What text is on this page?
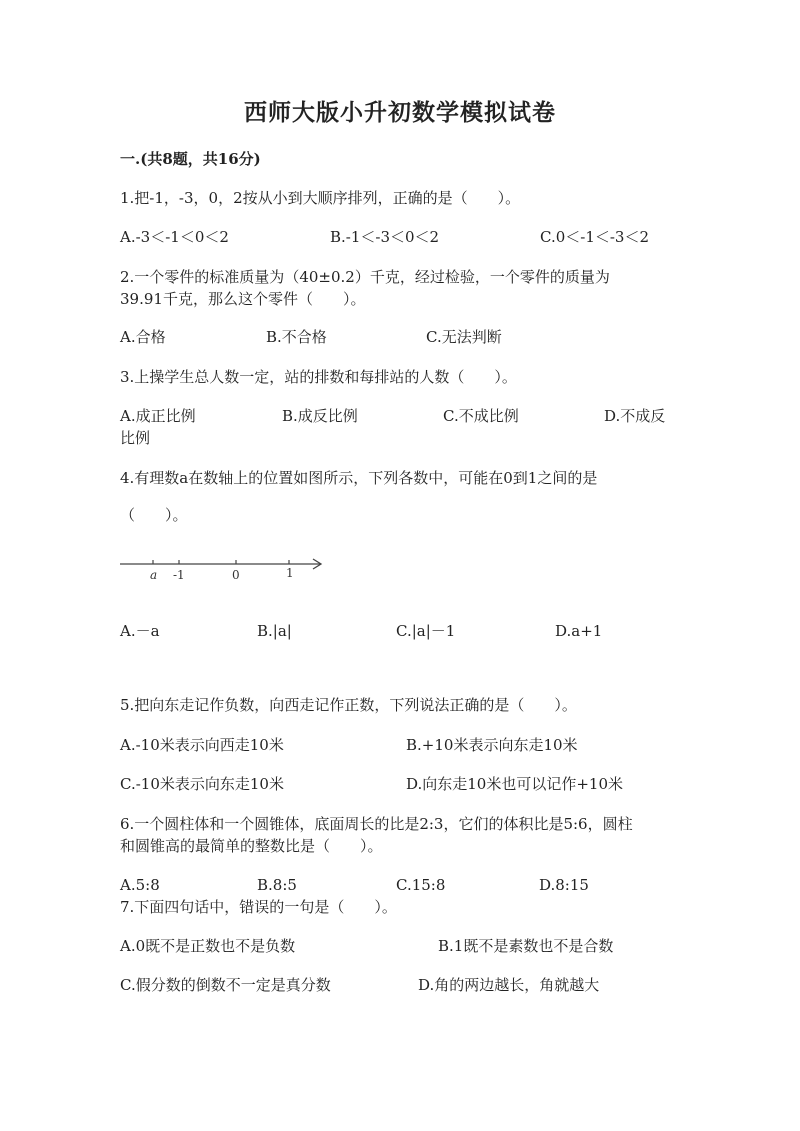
西师大版小升初数学模拟试卷
一.(共8题，共16分)
1.把-1，-3，0，2按从小到大顺序排列，正确的是（　　）。
A.-3＜-1＜0＜2	B.-1＜-3＜0＜2	C.0＜-1＜-3＜2
2.一个零件的标准质量为（40±0.2）千克，经过检验，一个零件的质量为
39.91千克，那么这个零件（　　）。
A.合格	B.不合格	C.无法判断
3.上操学生总人数一定，站的排数和每排站的人数（　　）。
A.成正比例	B.成反比例	C.不成比例	D.不成反
比例
4.有理数a在数轴上的位置如图所示，下列各数中，可能在0到1之间的是
（　　）。
a -1	0	1
A.－a	B.|a|	C.|a|－1	D.a+1
5.把向东走记作负数，向西走记作正数，下列说法正确的是（　　）。
A.-10米表示向西走10米	B.+10米表示向东走10米
C.-10米表示向东走10米	D.向东走10米也可以记作+10米
6.一个圆柱体和一个圆锥体，底面周长的比是2:3，它们的体积比是5:6，圆柱
和圆锥高的最简单的整数比是（　　）。
A.5:8	B.8:5	C.15:8	D.8:15
7.下面四句话中，错误的一句是（　　）。
A.0既不是正数也不是负数	B.1既不是素数也不是合数
C.假分数的倒数不一定是真分数	D.角的两边越长，角就越大
